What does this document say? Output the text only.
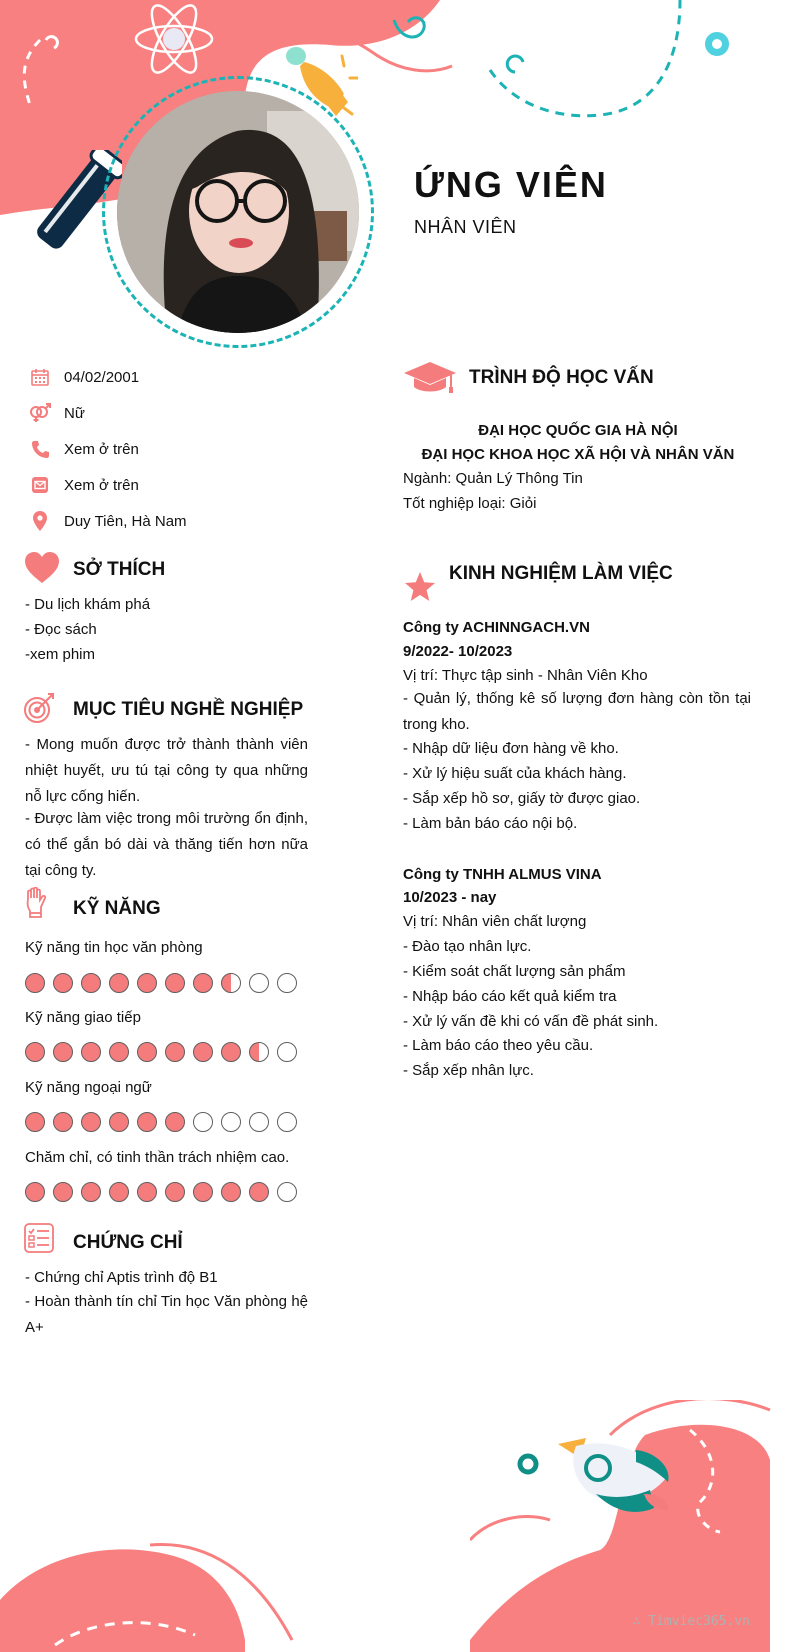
ỨNG VIÊN
NHÂN VIÊN
04/02/2001
Nữ
Xem ở trên
Xem ở trên
Duy Tiên, Hà Nam
SỞ THÍCH
- Du lịch khám phá
- Đọc sách
-xem phim
MỤC TIÊU NGHỀ NGHIỆP
- Mong muốn được trở thành thành viên nhiệt huyết, ưu tú tại công ty qua những nỗ lực cống hiến.
- Được làm việc trong môi trường ổn định, có thể gắn bó dài và thăng tiến hơn nữa tại công ty.
KỸ NĂNG
Kỹ năng tin học văn phòng
Kỹ năng giao tiếp
Kỹ năng ngoại ngữ
Chăm chỉ, có tinh thần trách nhiệm cao.
CHỨNG CHỈ
- Chứng chỉ Aptis trình độ B1
- Hoàn thành tín chỉ Tin học Văn phòng hệ A+
TRÌNH ĐỘ HỌC VẤN
ĐẠI HỌC QUỐC GIA HÀ NỘI
ĐẠI HỌC KHOA HỌC XÃ HỘI VÀ NHÂN VĂN
Ngành: Quản Lý Thông Tin
Tốt nghiệp loại: Giỏi
KINH NGHIỆM LÀM VIỆC
Công ty ACHINNGACH.VN
9/2022- 10/2023
Vị trí: Thực tập sinh - Nhân Viên Kho
- Quản lý, thống kê số lượng đơn hàng còn tồn tại trong kho.
- Nhập dữ liệu đơn hàng về kho.
- Xử lý hiệu suất của khách hàng.
- Sắp xếp hồ sơ, giấy tờ được giao.
- Làm bản báo cáo nội bộ.
Công ty TNHH ALMUS VINA
10/2023 - nay
Vị trí: Nhân viên chất lượng
- Đào tạo nhân lực.
- Kiểm soát chất lượng sản phẩm
- Nhập báo cáo kết quả kiểm tra
- Xử lý vấn đề khi có vấn đề phát sinh.
- Làm báo cáo theo yêu cầu.
- Sắp xếp nhân lực.
∴ Timviec365.vn
